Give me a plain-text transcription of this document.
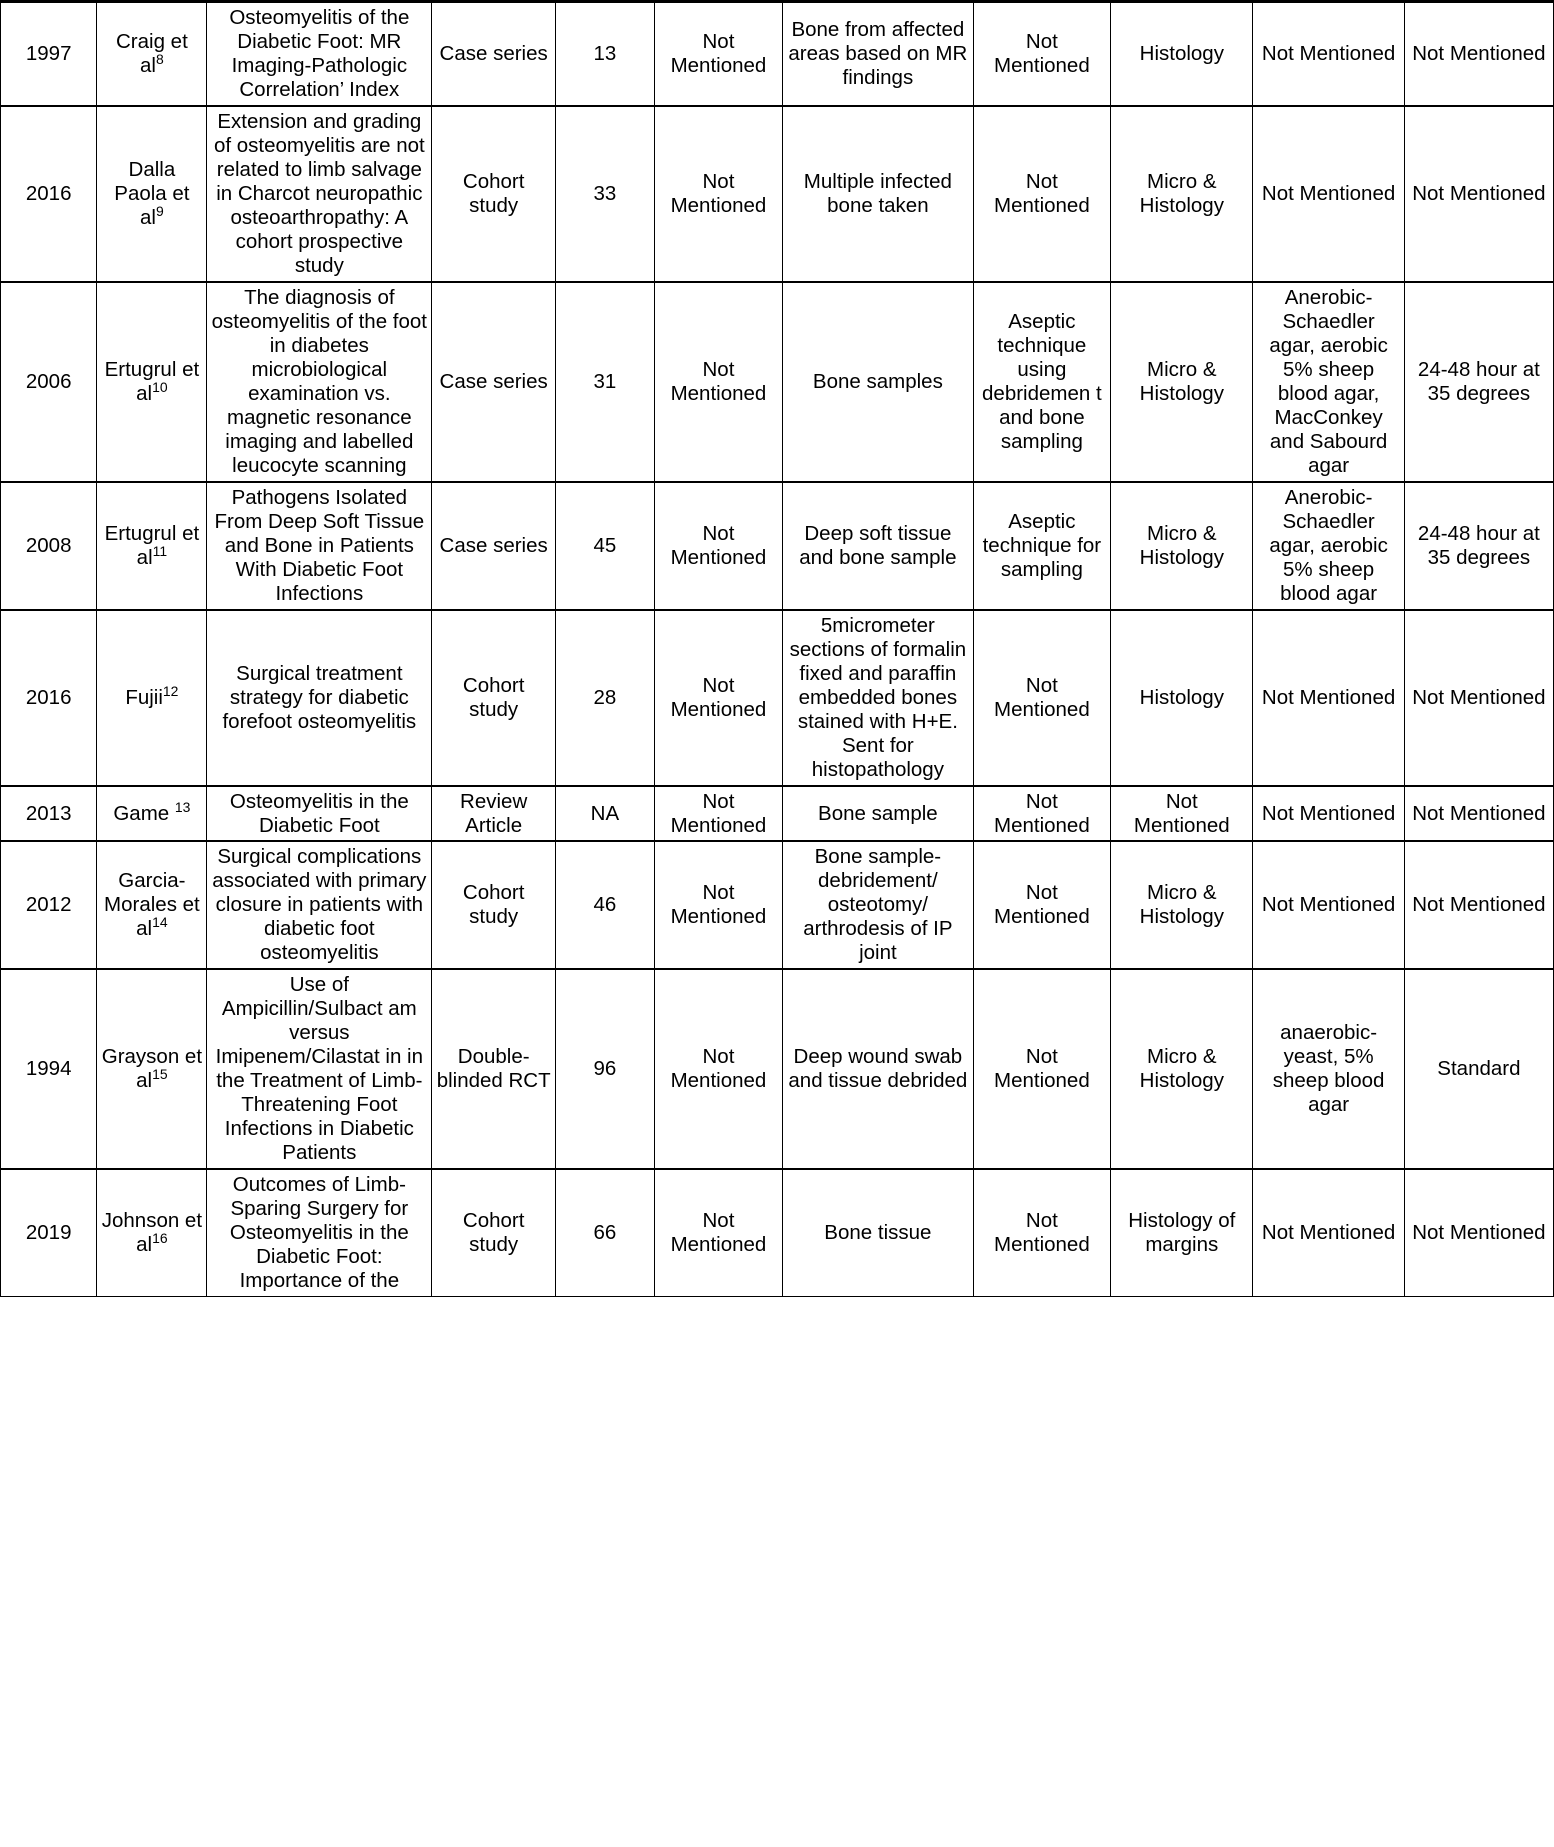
1997	Craig et $al^8$	Osteomyelitis of the Diabetic Foot: MR Imaging-Pathologic Correlation’ Index	Case series	13	Not Mentioned	Bone from affected areas based on MR findings	Not Mentioned	Histology	Not Mentioned	Not Mentioned
2016	Dalla Paola et $al^9$	Extension and grading of osteomyelitis are not related to limb salvage in Charcot neuropathic osteoarthropathy: A cohort prospective study	Cohort study	33	Not Mentioned	Multiple infected bone taken	Not Mentioned	Micro & Histology	Not Mentioned	Not Mentioned
2006	Ertugrul et $al^{10}$	The diagnosis of osteomyelitis of the foot in diabetes microbiological examination vs. magnetic resonance imaging and labelled leucocyte scanning	Case series	31	Not Mentioned	Bone samples	Aseptic technique using debridemen t and bone sampling	Micro & Histology	Anerobic-Schaedler agar, aerobic 5% sheep blood agar, MacConkey and Sabourd agar	24-48 hour at 35 degrees
2008	Ertugrul et $al^{11}$	Pathogens Isolated From Deep Soft Tissue and Bone in Patients With Diabetic Foot Infections	Case series	45	Not Mentioned	Deep soft tissue and bone sample	Aseptic technique for sampling	Micro & Histology	Anerobic-Schaedler agar, aerobic 5% sheep blood agar	24-48 hour at 35 degrees
2016	Fujii$^{12}$	Surgical treatment strategy for diabetic forefoot osteomyelitis	Cohort study	28	Not Mentioned	5micrometer sections of formalin fixed and paraffin embedded bones stained with H+E. Sent for histopathology	Not Mentioned	Histology	Not Mentioned	Not Mentioned
2013	Game $^{13}$	Osteomyelitis in the Diabetic Foot	Review Article	NA	Not Mentioned	Bone sample	Not Mentioned	Not Mentioned	Not Mentioned	Not Mentioned
2012	Garcia-Morales et $al^{14}$	Surgical complications associated with primary closure in patients with diabetic foot osteomyelitis	Cohort study	46	Not Mentioned	Bone sample-debridement/ osteotomy/ arthrodesis of IP joint	Not Mentioned	Micro & Histology	Not Mentioned	Not Mentioned
1994	Grayson et $al^{15}$	Use of Ampicillin/Sulbact am versus Imipenem/Cilastat in in the Treatment of Limb-Threatening Foot Infections in Diabetic Patients	Double-blinded RCT	96	Not Mentioned	Deep wound swab and tissue debrided	Not Mentioned	Micro & Histology	anaerobic-yeast, 5% sheep blood agar	Standard
2019	Johnson et $al^{16}$	Outcomes of Limb-Sparing Surgery for Osteomyelitis in the Diabetic Foot: Importance of the	Cohort study	66	Not Mentioned	Bone tissue	Not Mentioned	Histology of margins	Not Mentioned	Not Mentioned
